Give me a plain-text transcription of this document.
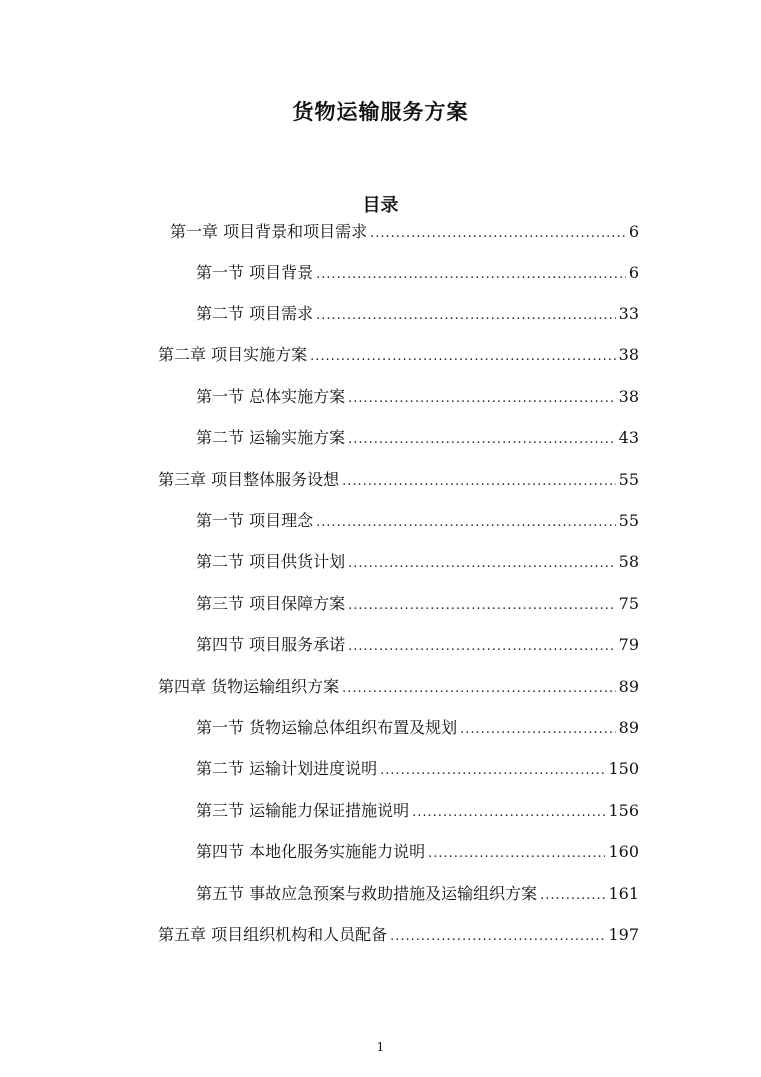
货物运输服务方案
目录
第一章 项目背景和项目需求 .....	6
第一节 项目背景 .....	6
第二节 项目需求 .....	33
第二章 项目实施方案 .....	38
第一节 总体实施方案 .....	38
第二节 运输实施方案 .....	43
第三章 项目整体服务设想 .....	55
第一节 项目理念 .....	55
第二节 项目供货计划 .....	58
第三节 项目保障方案 .....	75
第四节 项目服务承诺 .....	79
第四章 货物运输组织方案 .....	89
第一节 货物运输总体组织布置及规划 .....	89
第二节 运输计划进度说明 .....	150
第三节 运输能力保证措施说明 .....	156
第四节 本地化服务实施能力说明 .....	160
第五节 事故应急预案与救助措施及运输组织方案 .....	161
第五章 项目组织机构和人员配备 .....	197
1
